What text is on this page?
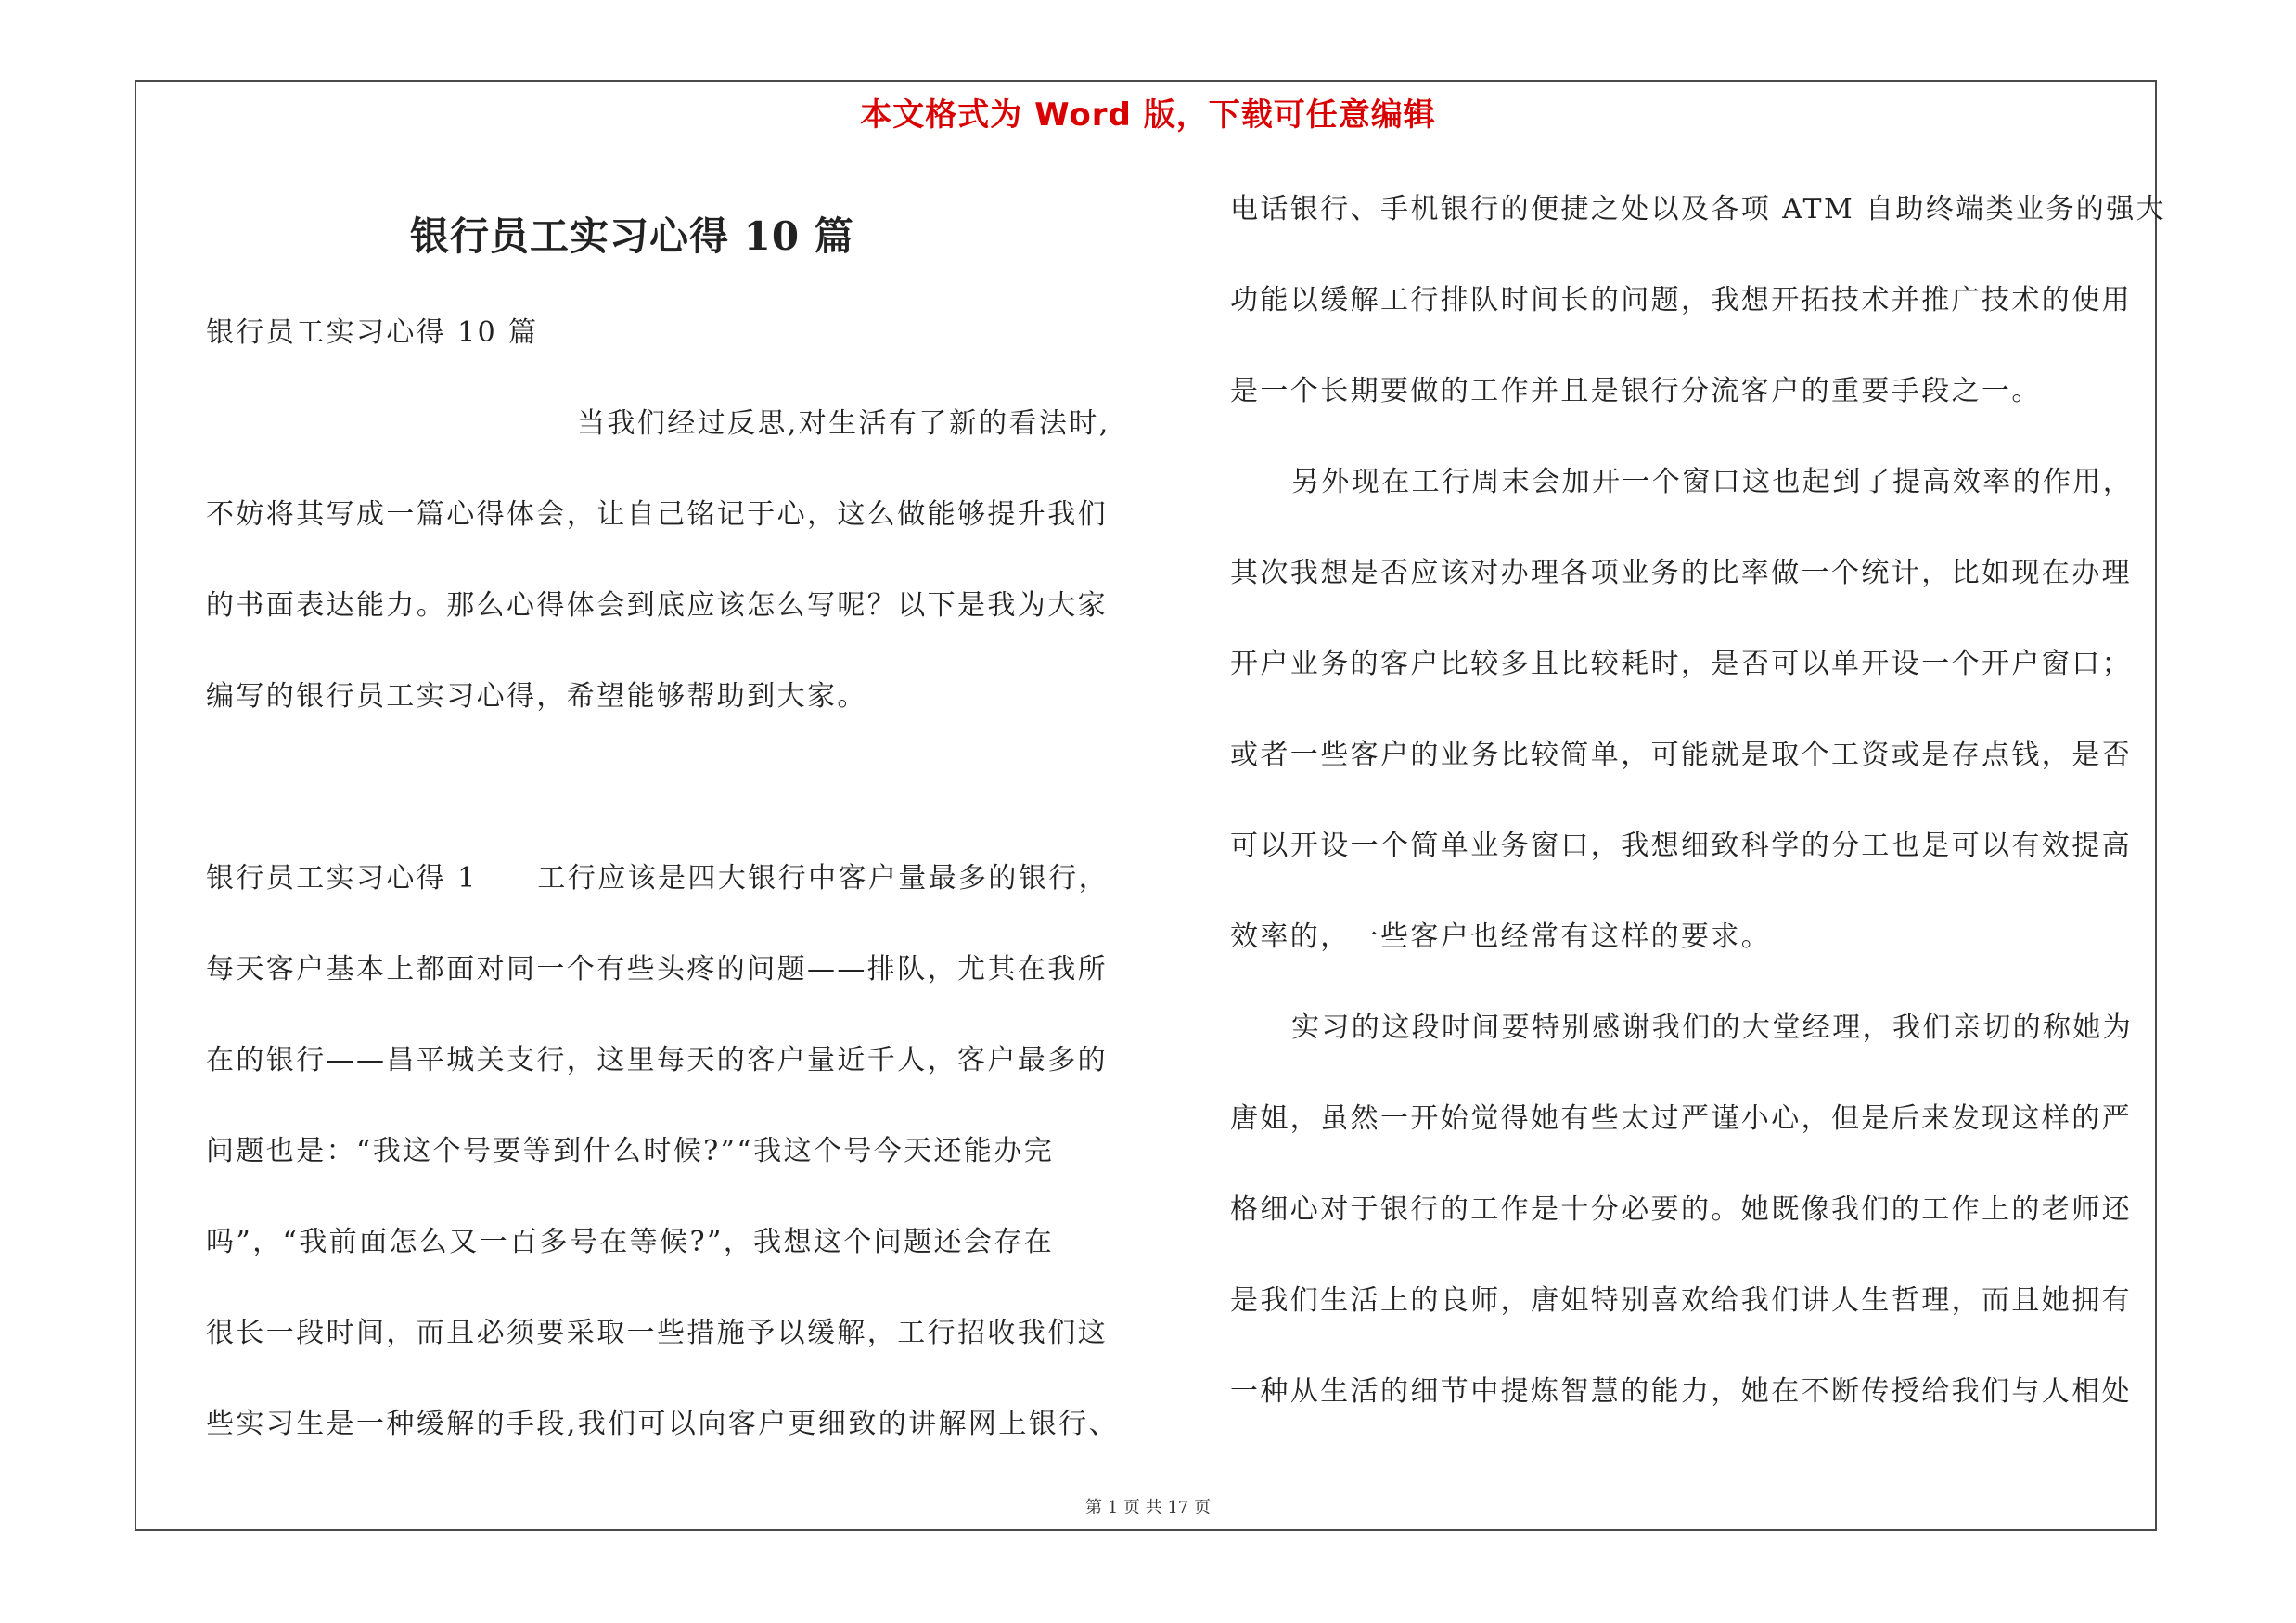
本文格式为 Word 版，下载可任意编辑
银行员工实习心得 10 篇

银行员工实习心得 10 篇

当我们经过反思,对生活有了新的看法时,

不妨将其写成一篇心得体会，让自己铭记于心，这么做能够提升我们

的书面表达能力。那么心得体会到底应该怎么写呢？以下是我为大家

编写的银行员工实习心得，希望能够帮助到大家。

银行员工实习心得 1　　工行应该是四大银行中客户量最多的银行，

每天客户基本上都面对同一个有些头疼的问题——排队，尤其在我所

在的银行——昌平城关支行，这里每天的客户量近千人，客户最多的

问题也是：“我这个号要等到什么时候?”“我这个号今天还能办完

吗”，“我前面怎么又一百多号在等候?”，我想这个问题还会存在

很长一段时间，而且必须要采取一些措施予以缓解，工行招收我们这

些实习生是一种缓解的手段,我们可以向客户更细致的讲解网上银行、

电话银行、手机银行的便捷之处以及各项 ATM 自助终端类业务的强大

功能以缓解工行排队时间长的问题，我想开拓技术并推广技术的使用

是一个长期要做的工作并且是银行分流客户的重要手段之一。

另外现在工行周末会加开一个窗口这也起到了提高效率的作用，

其次我想是否应该对办理各项业务的比率做一个统计，比如现在办理

开户业务的客户比较多且比较耗时，是否可以单开设一个开户窗口；

或者一些客户的业务比较简单，可能就是取个工资或是存点钱，是否

可以开设一个简单业务窗口，我想细致科学的分工也是可以有效提高

效率的，一些客户也经常有这样的要求。

实习的这段时间要特别感谢我们的大堂经理，我们亲切的称她为

唐姐，虽然一开始觉得她有些太过严谨小心，但是后来发现这样的严

格细心对于银行的工作是十分必要的。她既像我们的工作上的老师还

是我们生活上的良师，唐姐特别喜欢给我们讲人生哲理，而且她拥有

一种从生活的细节中提炼智慧的能力，她在不断传授给我们与人相处

第 1 页 共 17 页
